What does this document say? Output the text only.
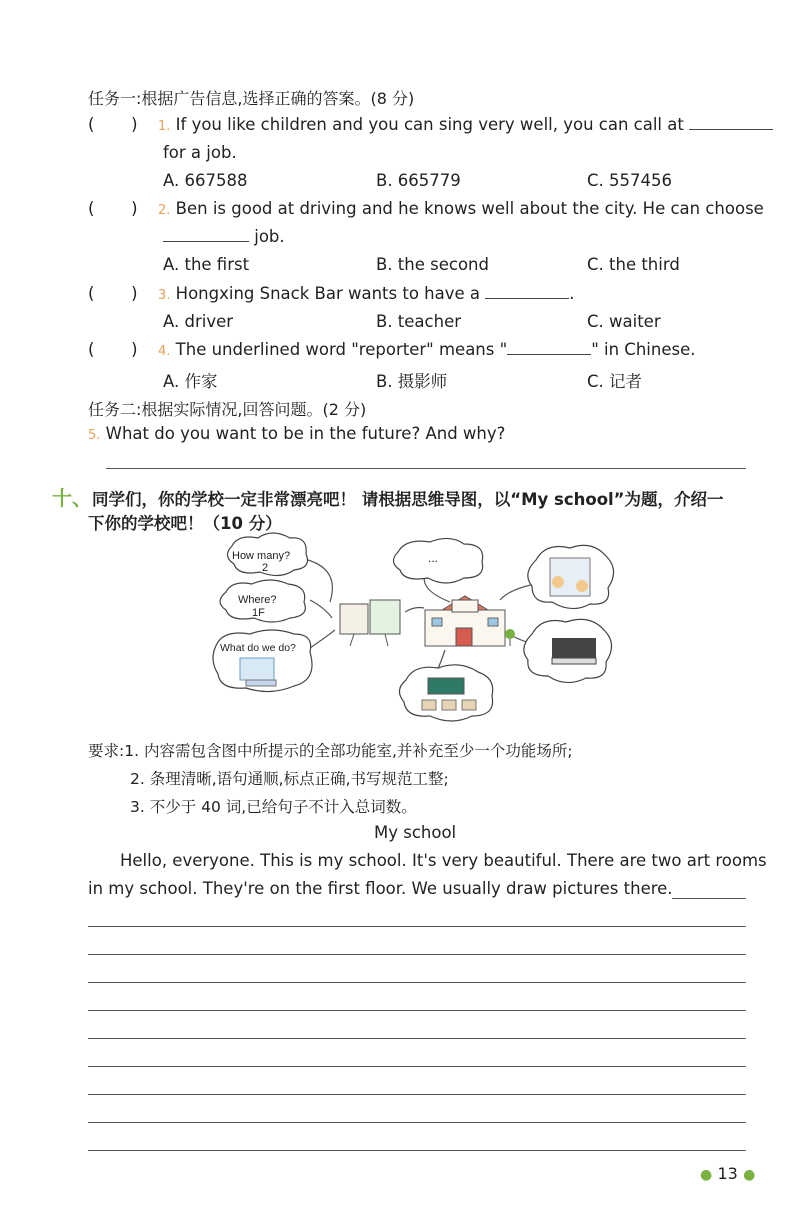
任务一:根据广告信息,选择正确的答案。(8 分)
(       ) 1. If you like children and you can sing very well, you can call at
for a job.
A. 667588	B. 665779	C. 557456
(       ) 2. Ben is good at driving and he knows well about the city. He can choose
job.
A. the first	B. the second	C. the third
(       ) 3. Hongxing Snack Bar wants to have a	.
A. driver	B. teacher	C. waiter
(       ) 4. The underlined word "reporter" means "	" in Chinese.
A. 作家	B. 摄影师	C. 记者
任务二:根据实际情况,回答问题。(2 分)
5. What do you want to be in the future? And why?
十、同学们，你的学校一定非常漂亮吧！ 请根据思维导图，以“My school”为题，介绍一
下你的学校吧！（10 分）
How many?
2
Where?
1F
What do we do?
...
要求:1. 内容需包含图中所提示的全部功能室,并补充至少一个功能场所;
2. 条理清晰,语句通顺,标点正确,书写规范工整;
3. 不少于 40 词,已给句子不计入总词数。
My school
Hello, everyone. This is my school. It's very beautiful. There are two art rooms
in my school. They're on the first floor. We usually draw pictures there.
● 13 ●
